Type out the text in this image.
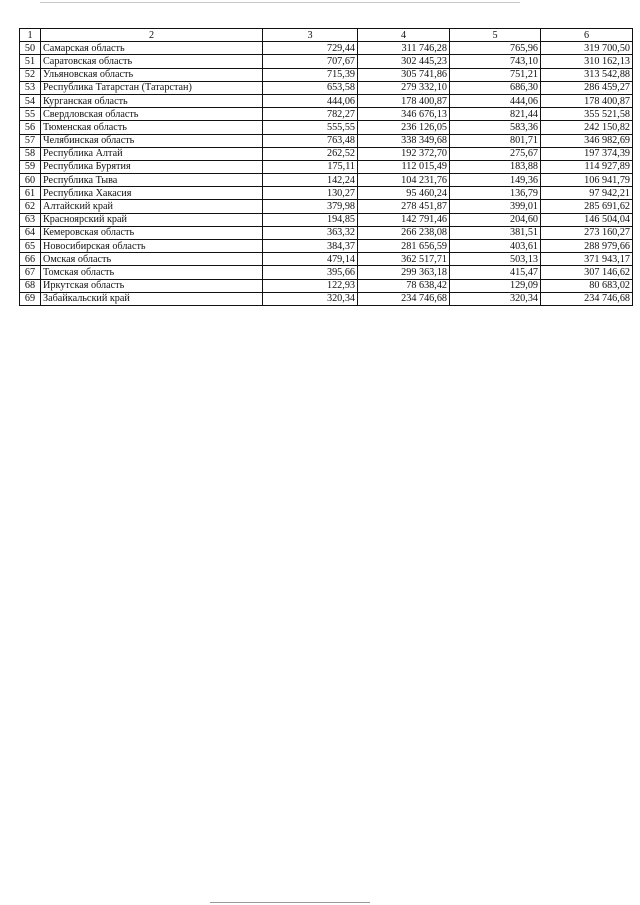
1	2	3	4	5	6
50	Самарская область	729,44	311 746,28	765,96	319 700,50
51	Саратовская область	707,67	302 445,23	743,10	310 162,13
52	Ульяновская область	715,39	305 741,86	751,21	313 542,88
53	Республика Татарстан (Татарстан)	653,58	279 332,10	686,30	286 459,27
54	Курганская область	444,06	178 400,87	444,06	178 400,87
55	Свердловская область	782,27	346 676,13	821,44	355 521,58
56	Тюменская область	555,55	236 126,05	583,36	242 150,82
57	Челябинская область	763,48	338 349,68	801,71	346 982,69
58	Республика Алтай	262,52	192 372,70	275,67	197 374,39
59	Республика Бурятия	175,11	112 015,49	183,88	114 927,89
60	Республика Тыва	142,24	104 231,76	149,36	106 941,79
61	Республика Хакасия	130,27	95 460,24	136,79	97 942,21
62	Алтайский край	379,98	278 451,87	399,01	285 691,62
63	Красноярский край	194,85	142 791,46	204,60	146 504,04
64	Кемеровская область	363,32	266 238,08	381,51	273 160,27
65	Новосибирская область	384,37	281 656,59	403,61	288 979,66
66	Омская область	479,14	362 517,71	503,13	371 943,17
67	Томская область	395,66	299 363,18	415,47	307 146,62
68	Иркутская область	122,93	78 638,42	129,09	80 683,02
69	Забайкальский край	320,34	234 746,68	320,34	234 746,68
